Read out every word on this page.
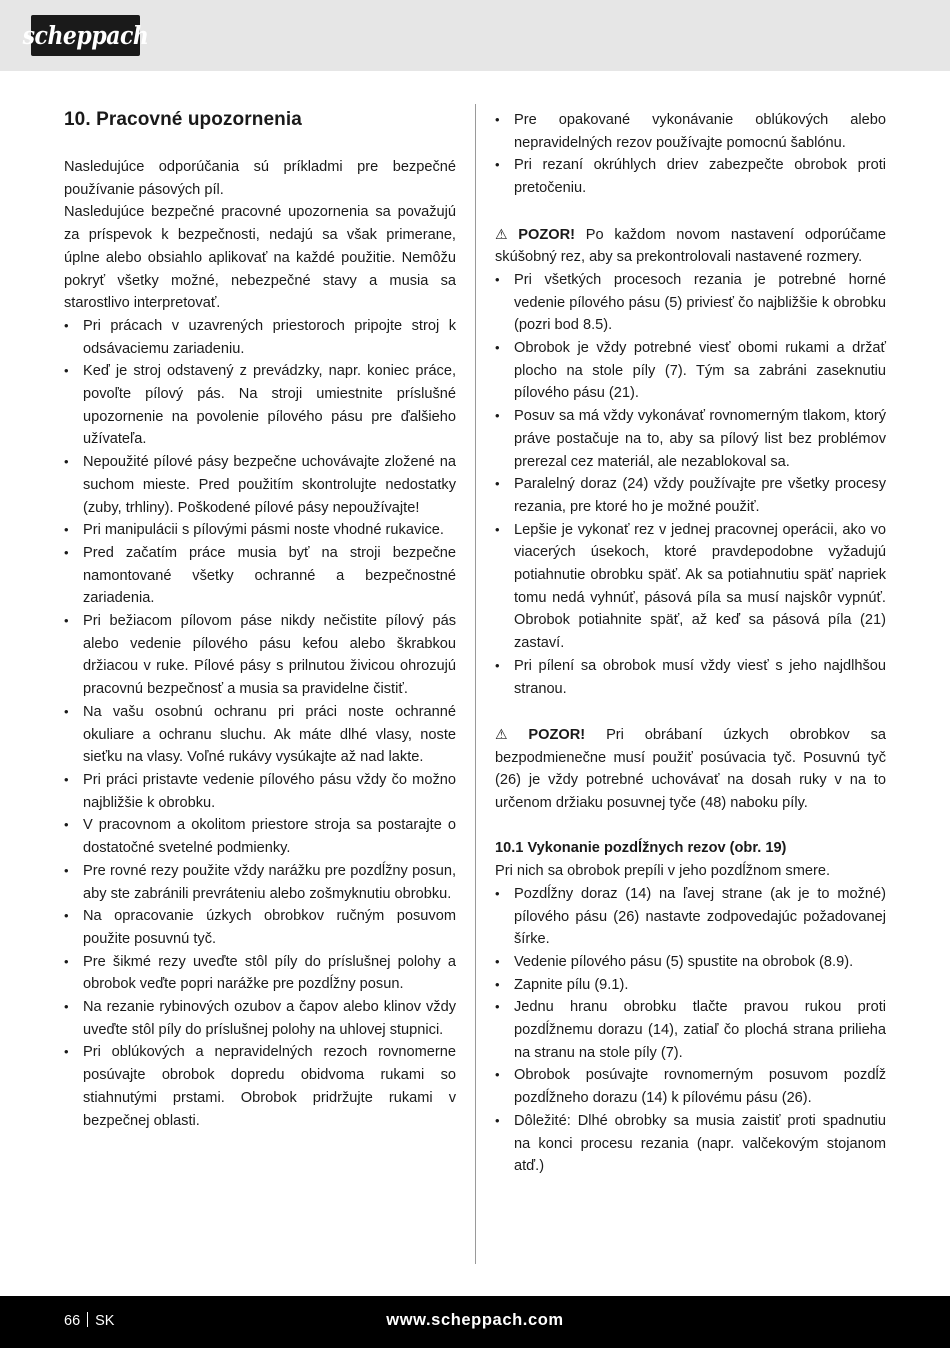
scheppach
10. Pracovné upozornenia

Nasledujúce odporúčania sú príkladmi pre bezpečné používanie pásových píl.

Nasledujúce bezpečné pracovné upozornenia sa považujú za príspevok k bezpečnosti, nedajú sa však primerane, úplne alebo obsiahlo aplikovať na každé použitie. Nemôžu pokryť všetky možné, nebezpečné stavy a musia sa starostlivo interpretovať.

• Pri prácach v uzavrených priestoroch pripojte stroj k odsávaciemu zariadeniu.
• Keď je stroj odstavený z prevádzky, napr. koniec práce, povoľte pílový pás. Na stroji umiestnite príslušné upozornenie na povolenie pílového pásu pre ďalšieho užívateľa.
• Nepoužité pílové pásy bezpečne uchovávajte zložené na suchom mieste. Pred použitím skontrolujte nedostatky (zuby, trhliny). Poškodené pílové pásy nepoužívajte!
• Pri manipulácii s pílovými pásmi noste vhodné rukavice.
• Pred začatím práce musia byť na stroji bezpečne namontované všetky ochranné a bezpečnostné zariadenia.
• Pri bežiacom pílovom páse nikdy nečistite pílový pás alebo vedenie pílového pásu kefou alebo škrabkou držiacou v ruke. Pílové pásy s prilnutou živicou ohrozujú pracovnú bezpečnosť a musia sa pravidelne čistiť.
• Na vašu osobnú ochranu pri práci noste ochranné okuliare a ochranu sluchu. Ak máte dlhé vlasy, noste sieťku na vlasy. Voľné rukávy vysúkajte až nad lakte.
• Pri práci pristavte vedenie pílového pásu vždy čo možno najbližšie k obrobku.
• V pracovnom a okolitom priestore stroja sa postarajte o dostatočné svetelné podmienky.
• Pre rovné rezy použite vždy narážku pre pozdĺžny posun, aby ste zabránili prevráteniu alebo zošmyknutiu obrobku.
• Na opracovanie úzkych obrobkov ručným posuvom použite posuvnú tyč.
• Pre šikmé rezy uveďte stôl píly do príslušnej polohy a obrobok veďte popri narážke pre pozdĺžny posun.
• Na rezanie rybinových ozubov a čapov alebo klinov vždy uveďte stôl píly do príslušnej polohy na uhlovej stupnici.
• Pri oblúkových a nepravidelných rezoch rovnomerne posúvajte obrobok dopredu obidvoma rukami so stiahnutými prstami. Obrobok pridržujte rukami v bezpečnej oblasti.
• Pre opakované vykonávanie oblúkových alebo nepravidelných rezov používajte pomocnú šablónu.
• Pri rezaní okrúhlych driev zabezpečte obrobok proti pretočeniu.

⚠ POZOR! Po každom novom nastavení odporúčame skúšobný rez, aby sa prekontrolovali nastavené rozmery.

• Pri všetkých procesoch rezania je potrebné horné vedenie pílového pásu (5) priviesť čo najbližšie k obrobku (pozri bod 8.5).
• Obrobok je vždy potrebné viesť obomi rukami a držať plocho na stole píly (7). Tým sa zabráni zaseknutiu pílového pásu (21).
• Posuv sa má vždy vykonávať rovnomerným tlakom, ktorý práve postačuje na to, aby sa pílový list bez problémov prerezal cez materiál, ale nezablokoval sa.
• Paralelný doraz (24) vždy používajte pre všetky procesy rezania, pre ktoré ho je možné použiť.
• Lepšie je vykonať rez v jednej pracovnej operácii, ako vo viacerých úsekoch, ktoré pravdepodobne vyžadujú potiahnutie obrobku späť. Ak sa potiahnutiu späť napriek tomu nedá vyhnúť, pásová píla sa musí najskôr vypnúť. Obrobok potiahnite späť, až keď sa pásová píla (21) zastaví.
• Pri pílení sa obrobok musí vždy viesť s jeho najdlhšou stranou.

⚠ POZOR! Pri obrábaní úzkych obrobkov sa bezpodmienečne musí použiť posúvacia tyč. Posuvnú tyč (26) je vždy potrebné uchovávať na dosah ruky v na to určenom držiaku posuvnej tyče (48) naboku píly.

10.1 Vykonanie pozdĺžnych rezov (obr. 19)

Pri nich sa obrobok prepíli v jeho pozdĺžnom smere.

• Pozdĺžny doraz (14) na ľavej strane (ak je to možné) pílového pásu (26) nastavte zodpovedajúc požadovanej šírke.
• Vedenie pílového pásu (5) spustite na obrobok (8.9).
• Zapnite pílu (9.1).
• Jednu hranu obrobku tlačte pravou rukou proti pozdĺžnemu dorazu (14), zatiaľ čo plochá strana prilieha na stranu na stole píly (7).
• Obrobok posúvajte rovnomerným posuvom pozdĺž pozdĺžneho dorazu (14) k pílovému pásu (26).
• Dôležité: Dlhé obrobky sa musia zaistiť proti spadnutiu na konci procesu rezania (napr. valčekovým stojanom atď.)
66 SK	www.scheppach.com
